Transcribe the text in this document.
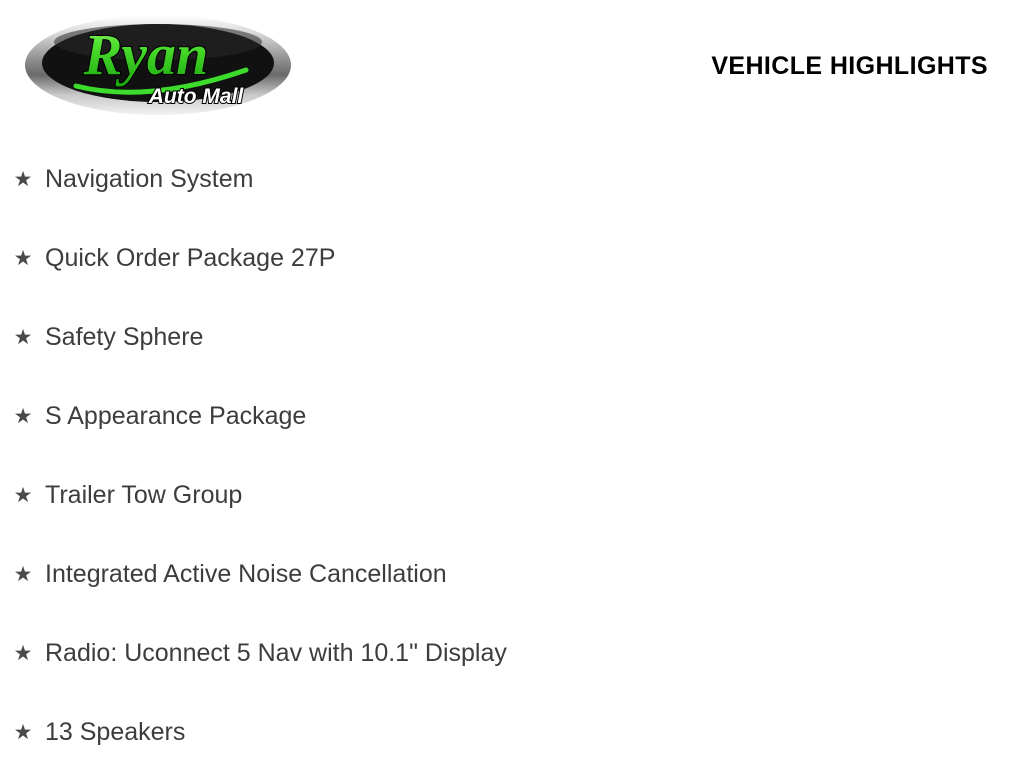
Ryan
Auto Mall
VEHICLE HIGHLIGHTS
★ Navigation System
★ Quick Order Package 27P
★ Safety Sphere
★ S Appearance Package
★ Trailer Tow Group
★ Integrated Active Noise Cancellation
★ Radio: Uconnect 5 Nav with 10.1" Display
★ 13 Speakers
